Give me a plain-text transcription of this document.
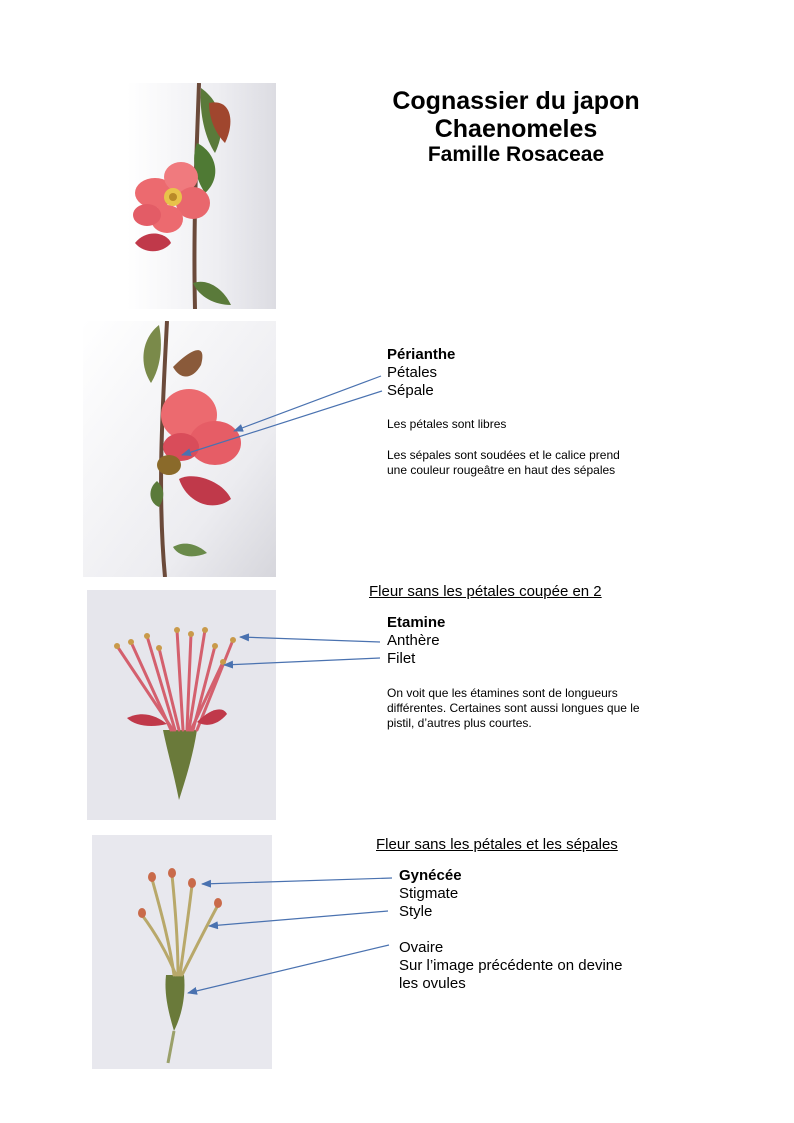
Cognassier du japon
Chaenomeles
Famille Rosaceae
Périanthe
Pétales
Sépale
Les pétales sont libres
Les sépales sont soudées et le calice prend
une couleur rougeâtre en haut des sépales
Fleur sans les pétales coupée en 2
Etamine
Anthère
Filet
On voit que les étamines sont de longueurs
différentes. Certaines sont aussi longues que le
pistil, d’autres plus courtes.
Fleur sans les pétales et les sépales
Gynécée
Stigmate
Style
Ovaire
Sur l’image précédente on devine
les ovules
